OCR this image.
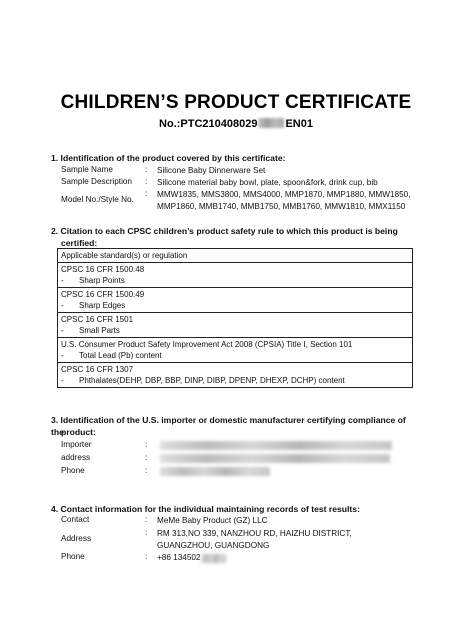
CHILDREN’S PRODUCT CERTIFICATE
No.:PTC210408029	EN01
1. Identification of the product covered by this certificate:
Sample Name	: Silicone Baby Dinnerware Set
Sample Description : Silicone material baby bowl, plate, spoon&fork, drink cup, bib
Model No./Style No.
: MMW1835, MMS3800, MMS4000, MMP1870, MMP1880, MMW1850,
MMP1860, MMB1740, MMB1750, MMB1760, MMW1810, MMX1150
2. Citation to each CPSC children’s product safety rule to which this product is being
certified:
Applicable standard(s) or regulation

CPSC 16 CFR 1500.48
- Sharp Points

CPSC 16 CFR 1500.49
- Sharp Edges

CPSC 16 CFR 1501
- Small Parts

U.S. Consumer Product Safety Improvement Act 2008 (CPSIA) Title Ⅰ, Section 101
- Total Lead (Pb) content

CPSC 16 CFR 1307
- Phthalates(DEHP, DBP, BBP, DINP, DIBP, DPENP, DHEXP, DCHP) content
3. Identification of the U.S. importer or domestic manufacturer certifying compliance of the
product:
Importer	:
address	:
Phone	:
4. Contact information for the individual maintaining records of test results:
Contact	: MeMe Baby Product (GZ) LLC
Address
: RM 313,NO 339, NANZHOU RD, HAIZHU DISTRICT,
GUANGZHOU, GUANGDONG
Phone	: +86 134502
